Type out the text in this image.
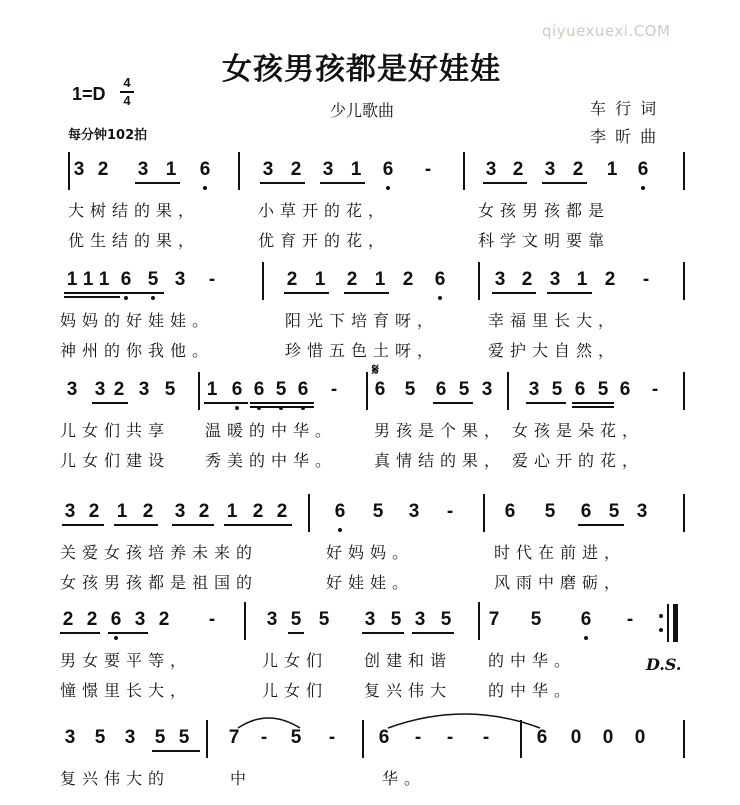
qiyuexuexi.COM
女孩男孩都是好娃娃
1=D
4
4
每分钟102拍
少儿歌曲	车 行 词
李 昕 曲
𝄋
D.S.
3 2 3 1 6	3 2 3 1 6 -	3 2 3 2 1 6
大树结的果，	小草开的花，	女孩男孩都是
优生结的果，	优育开的花，	科学文明要靠
1 1 1 6 5 3 -	2 1 2 1 2 6	3 2 3 1 2 -
妈妈的好娃娃。	阳光下培育呀，	幸福里长大，
神州的你我他。	珍惜五色土呀，	爱护大自然，
3 3 2 3 5 1 6 6 5 6 - 6 5 6 5 3 3 5 6 5 6 -
儿女们共享 温暖的中华。 男孩是个果， 女孩是朵花，
儿女们建设 秀美的中华。 真情结的果， 爱心开的花，
3 2 1 2 3 2 1 2 2 6 5 3 -	6 5 6 5 3
关爱女孩培养未来的	好妈妈。	时代在前进，
女孩男孩都是祖国的	好娃娃。	风雨中磨砺，
2 2 6 3 2 -	3 5 5 3 5 3 5 7 5 6 -
男女要平等，	儿女们 创建和谐 的中华。
憧憬里长大，	儿女们 复兴伟大 的中华。
3 5 3 5 5 7 - 5 - 6 - - -	6 0 0 0
复兴伟大的	中	华。
